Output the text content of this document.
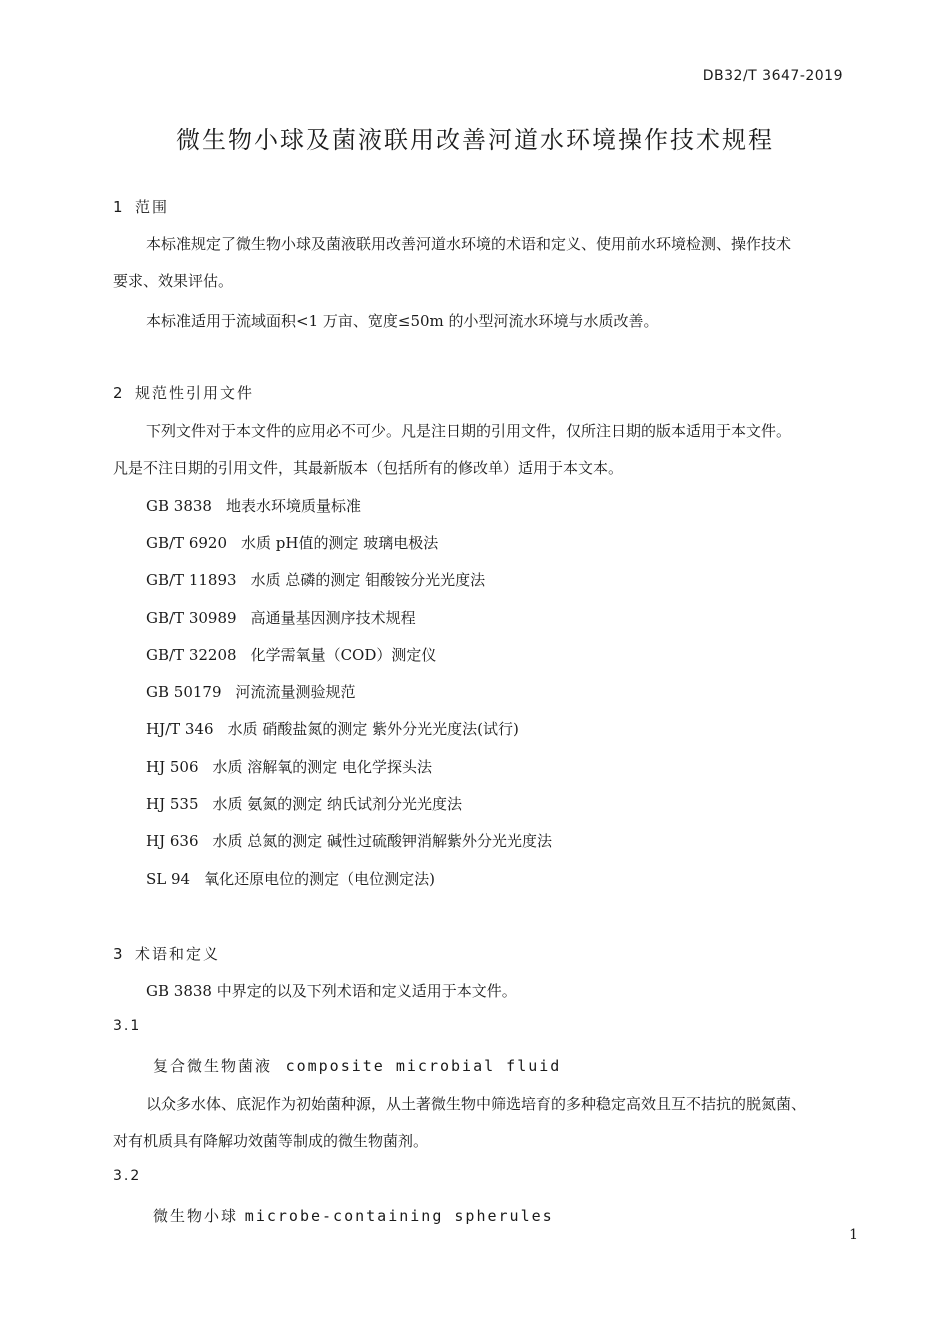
DB32/T 3647-2019
微生物小球及菌液联用改善河道水环境操作技术规程
1 范围
本标准规定了微生物小球及菌液联用改善河道水环境的术语和定义、使用前水环境检测、操作技术
要求、效果评估。
本标准适用于流域面积<1 万亩、宽度≤50m 的小型河流水环境与水质改善。
2 规范性引用文件
下列文件对于本文件的应用必不可少。凡是注日期的引用文件，仅所注日期的版本适用于本文件。
凡是不注日期的引用文件，其最新版本（包括所有的修改单）适用于本文本。
GB 3838 地表水环境质量标准
GB/T 6920 水质 pH值的测定 玻璃电极法
GB/T 11893 水质 总磷的测定 钼酸铵分光光度法
GB/T 30989 高通量基因测序技术规程
GB/T 32208 化学需氧量（COD）测定仪
GB 50179 河流流量测验规范
HJ/T 346 水质 硝酸盐氮的测定 紫外分光光度法(试行)
HJ 506 水质 溶解氧的测定 电化学探头法
HJ 535 水质 氨氮的测定 纳氏试剂分光光度法
HJ 636 水质 总氮的测定 碱性过硫酸钾消解紫外分光光度法
SL 94 氧化还原电位的测定（电位测定法)
3 术语和定义
GB 3838 中界定的以及下列术语和定义适用于本文件。
3.1
复合微生物菌液 composite microbial fluid
以众多水体、底泥作为初始菌种源，从土著微生物中筛选培育的多种稳定高效且互不拮抗的脱氮菌、
对有机质具有降解功效菌等制成的微生物菌剂。
3.2
微生物小球 microbe-containing spherules
1
